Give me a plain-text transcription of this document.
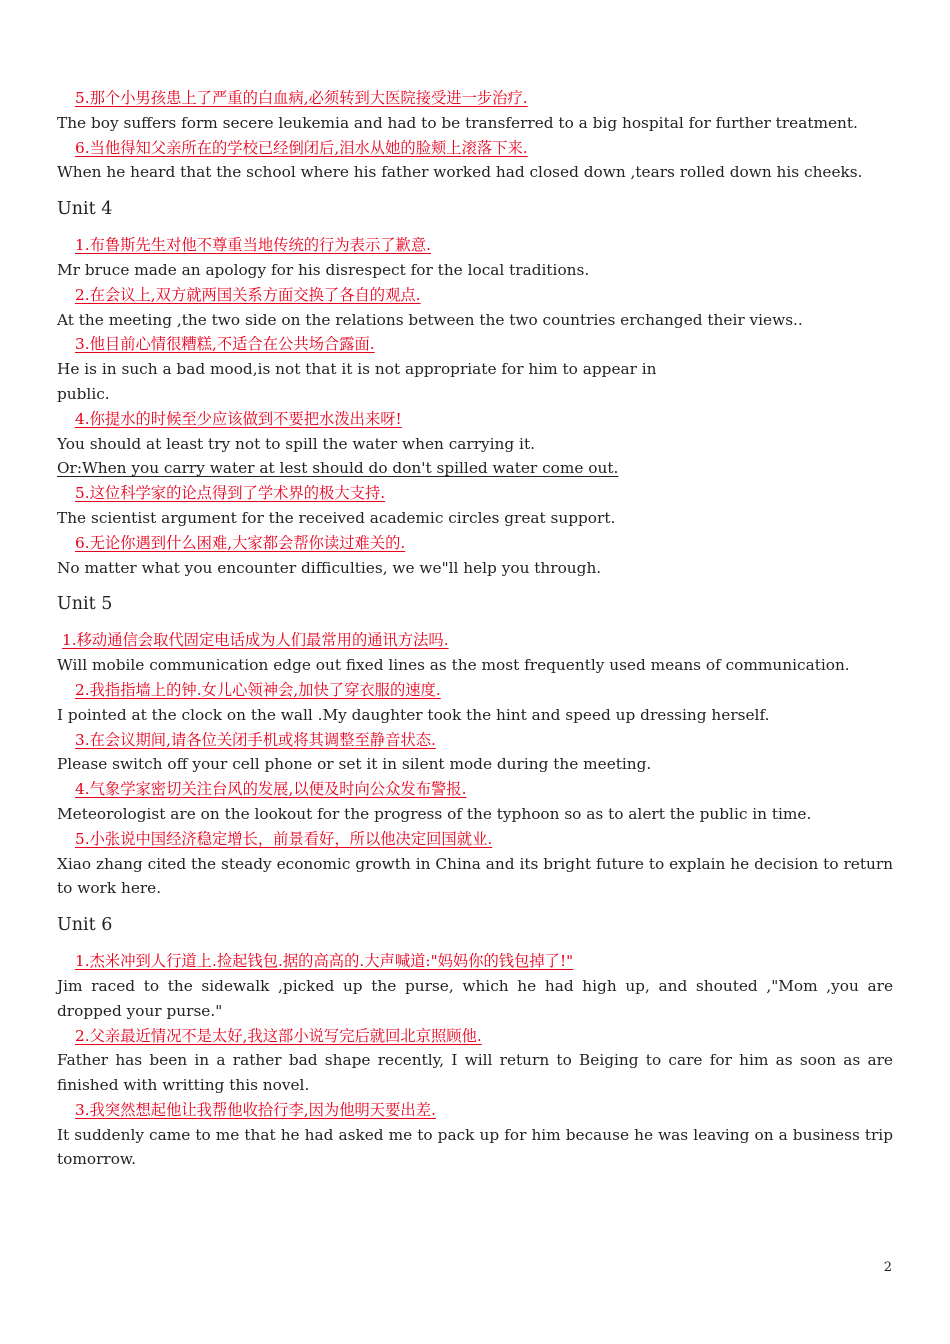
5.那个小男孩患上了严重的白血病,必须转到大医院接受进一步治疗.
The boy suffers form secere leukemia and had to be transferred to a big hospital for further treatment.
6.当他得知父亲所在的学校已经倒闭后,泪水从她的脸颊上滚落下来.
When he heard that the school where his father worked had closed down ,tears rolled down his cheeks.
Unit 4
1.布鲁斯先生对他不尊重当地传统的行为表示了歉意.
Mr bruce made an apology for his disrespect for the local traditions.
2.在会议上,双方就两国关系方面交换了各自的观点.
At the meeting ,the two side on the relations between the two countries erchanged their views..
3.他目前心情很糟糕,不适合在公共场合露面.
He is in such a bad mood,is not that it is not appropriate for him to appear in
public.
4.你提水的时候至少应该做到不要把水泼出来呀!
You should at least try not to spill the water when carrying it.
Or:When you carry water at lest should do don't spilled water come out.
5.这位科学家的论点得到了学术界的极大支持.
The scientist argument for the received academic circles great support.
6.无论你遇到什么困难,大家都会帮你读过难关的.
No matter what you encounter difficulties, we we"ll help you through.
Unit 5
1.移动通信会取代固定电话成为人们最常用的通讯方法吗.
Will mobile communication edge out fixed lines as the most frequently used means of communication.
2.我指指墙上的钟.女儿心领神会,加快了穿衣服的速度.
I pointed at the clock on the wall .My daughter took the hint and speed up dressing herself.
3.在会议期间,请各位关闭手机或将其调整至静音状态.
Please switch off your cell phone or set it in silent mode during the meeting.
4.气象学家密切关注台风的发展,以便及时向公众发布警报.
Meteorologist are on the lookout for the progress of the typhoon so as to alert the public in time.
5.小张说中国经济稳定增长，前景看好，所以他决定回国就业.
Xiao zhang cited the steady economic growth in China and its bright future to explain he decision to return to work here.
Unit 6
1.杰米冲到人行道上.捡起钱包.据的高高的.大声喊道:"妈妈你的钱包掉了!"
Jim raced to the sidewalk ,picked up the purse, which he had high up, and shouted ,"Mom ,you are dropped your purse."
2.父亲最近情况不是太好,我这部小说写完后就回北京照顾他.
Father has been in a rather bad shape recently, I will return to Beiging to care for him as soon as are finished with writting this novel.
3.我突然想起他让我帮他收拾行李,因为他明天要出差.
It suddenly came to me that he had asked me to pack up for him because he was leaving on a business trip tomorrow.
2
